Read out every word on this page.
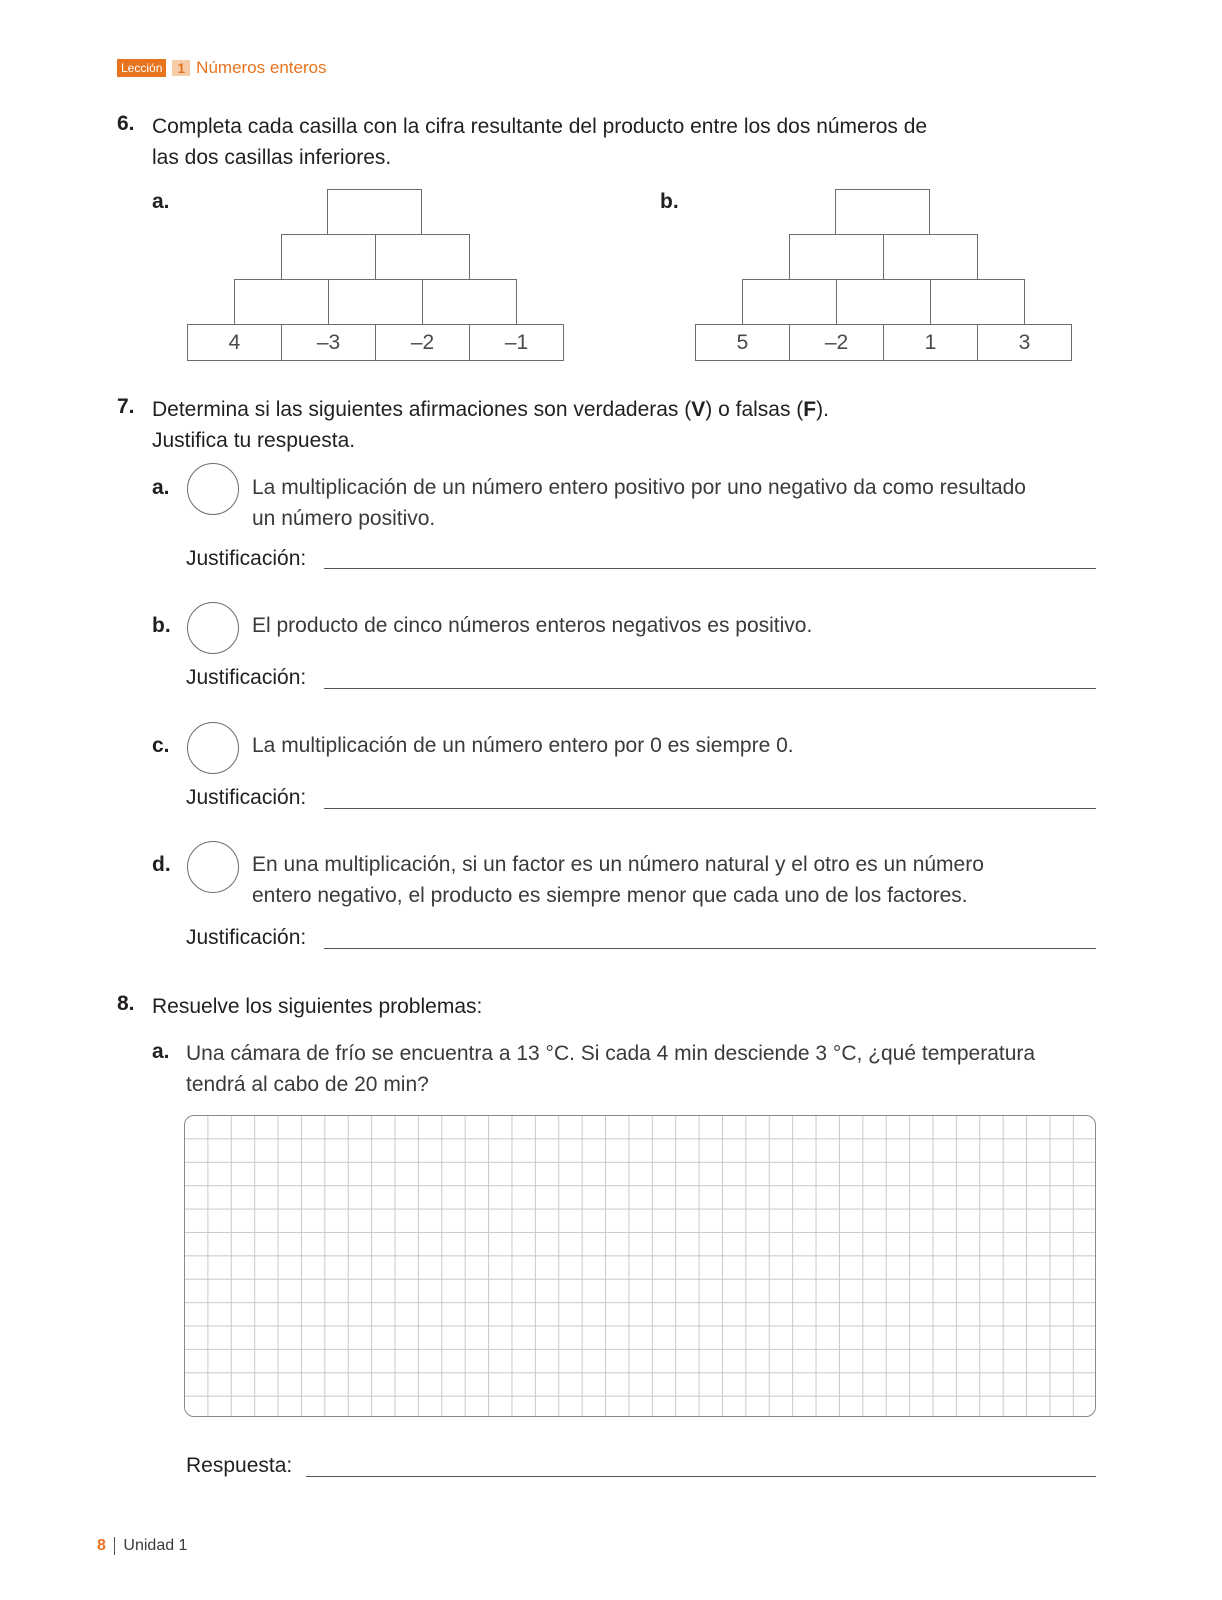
Lección	1 Números enteros
6. Completa cada casilla con la cifra resultante del producto entre los dos números de
las dos casillas inferiores.
a.
4	–3	–2	–1
b.
5	–2	1	3
7. Determina si las siguientes afirmaciones son verdaderas (V) o falsas (F).
Justifica tu respuesta.
a.	La multiplicación de un número entero positivo por uno negativo da como resultado
un número positivo.
Justificación:
b.	El producto de cinco números enteros negativos es positivo.
Justificación:
c.	La multiplicación de un número entero por 0 es siempre 0.
Justificación:
d.	En una multiplicación, si un factor es un número natural y el otro es un número
entero negativo, el producto es siempre menor que cada uno de los factores.
Justificación:
8. Resuelve los siguientes problemas:
a. Una cámara de frío se encuentra a 13 °C. Si cada 4 min desciende 3 °C, ¿qué temperatura
tendrá al cabo de 20 min?
Respuesta:
8 Unidad 1
